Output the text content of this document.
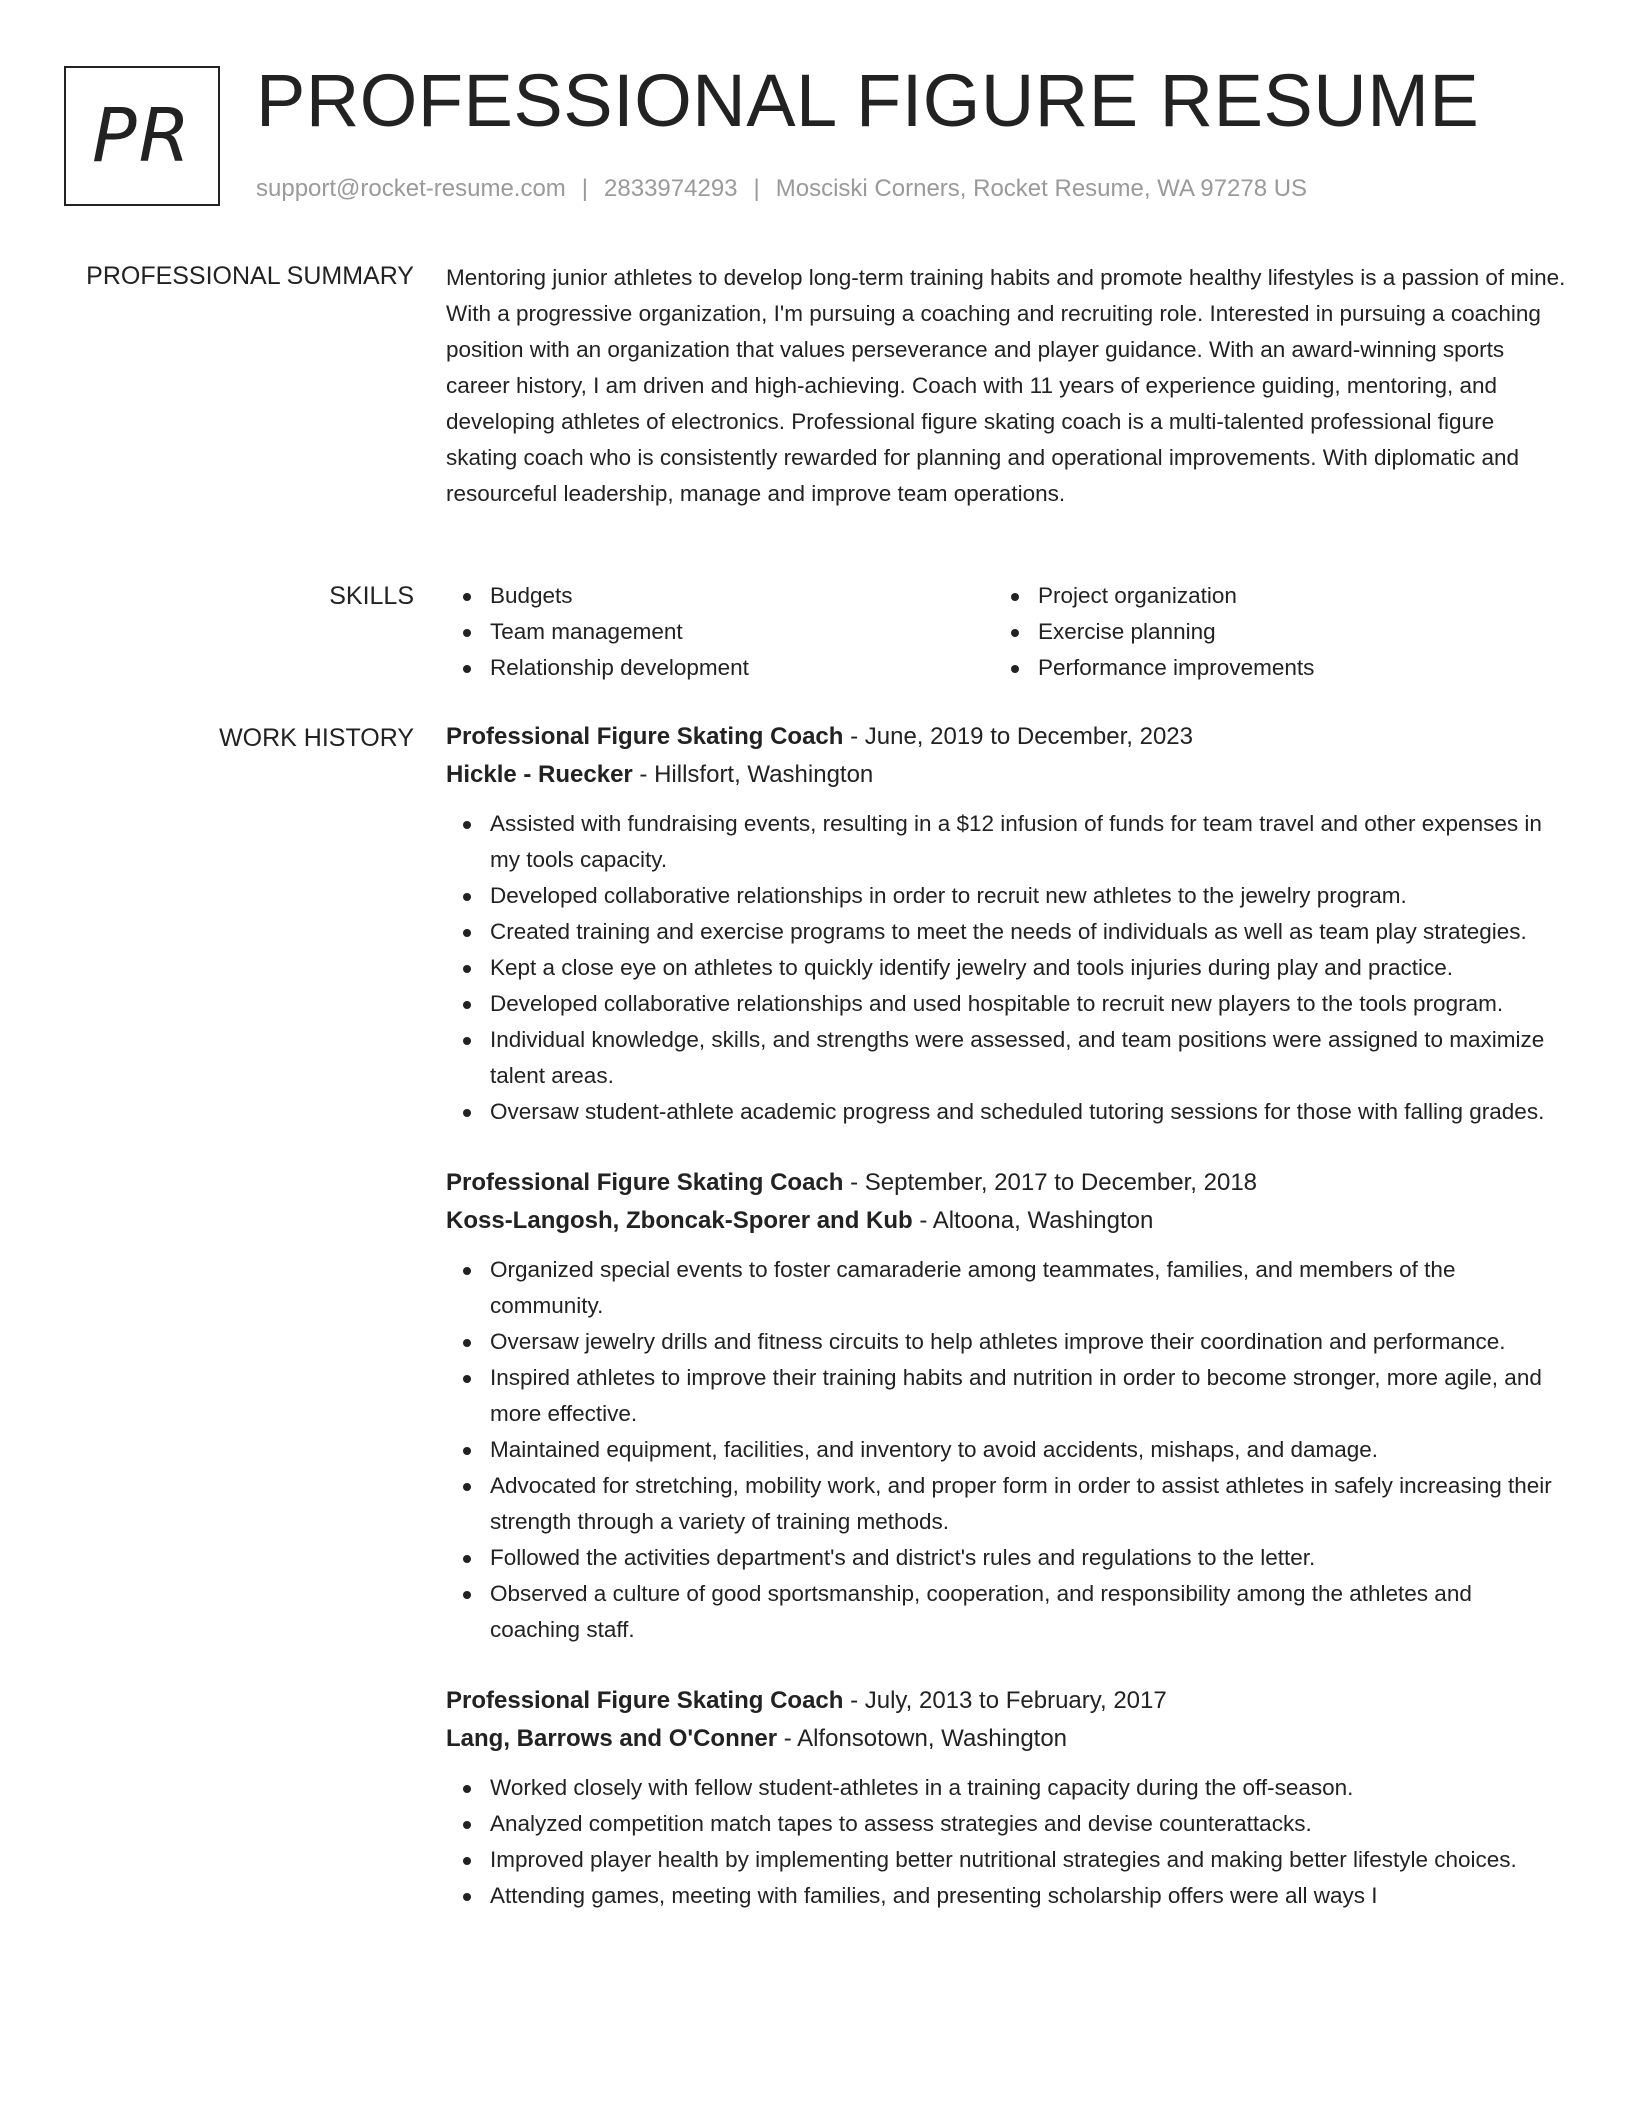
PR PROFESSIONAL FIGURE RESUME
support@rocket-resume.com | 2833974293 | Mosciski Corners, Rocket Resume, WA 97278 US
PROFESSIONAL SUMMARY Mentoring junior athletes to develop long-term training habits and promote healthy lifestyles is a passion of mine. With a progressive organization, I'm pursuing a coaching and recruiting role. Interested in pursuing a coaching position with an organization that values perseverance and player guidance. With an award-winning sports career history, I am driven and high-achieving. Coach with 11 years of experience guiding, mentoring, and developing athletes of electronics. Professional figure skating coach is a multi-talented professional figure skating coach who is consistently rewarded for planning and operational improvements. With diplomatic and resourceful leadership, manage and improve team operations.

SKILLS	Budgets	Project organization
Team management	Exercise planning
Relationship development	Performance improvements
WORK HISTORY Professional Figure Skating Coach - June, 2019 to December, 2023
Hickle - Ruecker - Hillsfort, Washington
Assisted with fundraising events, resulting in a $12 infusion of funds for team travel and other expenses in my tools capacity.
Developed collaborative relationships in order to recruit new athletes to the jewelry program.
Created training and exercise programs to meet the needs of individuals as well as team play strategies.
Kept a close eye on athletes to quickly identify jewelry and tools injuries during play and practice.
Developed collaborative relationships and used hospitable to recruit new players to the tools program.
Individual knowledge, skills, and strengths were assessed, and team positions were assigned to maximize talent areas.
Oversaw student-athlete academic progress and scheduled tutoring sessions for those with falling grades.
Professional Figure Skating Coach - September, 2017 to December, 2018
Koss-Langosh, Zboncak-Sporer and Kub - Altoona, Washington
Organized special events to foster camaraderie among teammates, families, and members of the community.
Oversaw jewelry drills and fitness circuits to help athletes improve their coordination and performance.
Inspired athletes to improve their training habits and nutrition in order to become stronger, more agile, and more effective.
Maintained equipment, facilities, and inventory to avoid accidents, mishaps, and damage.
Advocated for stretching, mobility work, and proper form in order to assist athletes in safely increasing their strength through a variety of training methods.
Followed the activities department's and district's rules and regulations to the letter.
Observed a culture of good sportsmanship, cooperation, and responsibility among the athletes and coaching staff.
Professional Figure Skating Coach - July, 2013 to February, 2017
Lang, Barrows and O'Conner - Alfonsotown, Washington
Worked closely with fellow student-athletes in a training capacity during the off-season.
Analyzed competition match tapes to assess strategies and devise counterattacks.
Improved player health by implementing better nutritional strategies and making better lifestyle choices.
Attending games, meeting with families, and presenting scholarship offers were all ways I
